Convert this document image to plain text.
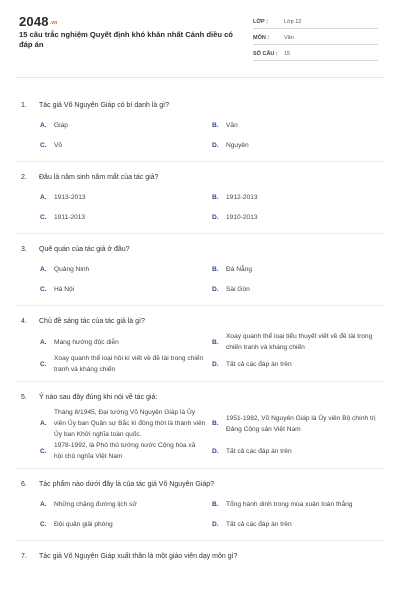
2048.vn
15 câu trắc nghiệm Quyết định khó khăn nhất Cánh diều có đáp án
LỚP :	Lớp 12
MÔN :	Văn
SỐ CÂU :	15
1.	Tác giả Võ Nguyên Giáp có bí danh là gì?
A.	Giáp	B.	Văn
C.	Võ	D.	Nguyên
2.	Đâu là năm sinh năm mất của tác giả?
A.	1913-2013	B.	1912-2013
C.	1911-2013	D.	1910-2013
3.	Quê quán của tác giả ở đâu?
A.	Quảng Ninh	B.	Đà Nẵng
C.	Hà Nội	D.	Sài Gòn
4.	Chủ đề sáng tác của tác giả là gì?
A.	Mang hướng độc diễn	B.
Xoay quanh thể loại tiểu thuyết viết về đề tài trong chiến tranh và kháng chiến
C.
Xoay quanh thể loại hồi kí viết về đề tài trong chiến tranh và kháng chiến
D.	Tất cả các đáp án trên
5.	Ý nào sau đây đúng khi nói về tác giả:
A.
Tháng 8/1945, Đại tướng Võ Nguyên Giáp là Ủy viên Ủy ban Quân sự Bắc kì đồng thời là thành viên Ủy ban Khởi nghĩa toàn quốc.
B.
1951-1982, Võ Nguyên Giáp là Ủy viên Bộ chính trị Đảng Cộng sản Việt Nam
C.
1978-1992, là Phó thủ tướng nước Cộng hòa xã hội chủ nghĩa Việt Nam
D.	Tất cả các đáp án trên
6.	Tác phẩm nào dưới đây là của tác giả Võ Nguyên Giáp?
A.	Những chặng đường lịch sử	B.	Tổng hành dinh trong mùa xuân toàn thắng
C.	Đội quân giải phóng	D.	Tất cả các đáp án trên
7.	Tác giả Võ Nguyên Giáp xuất thân là một giáo viên dạy môn gì?
